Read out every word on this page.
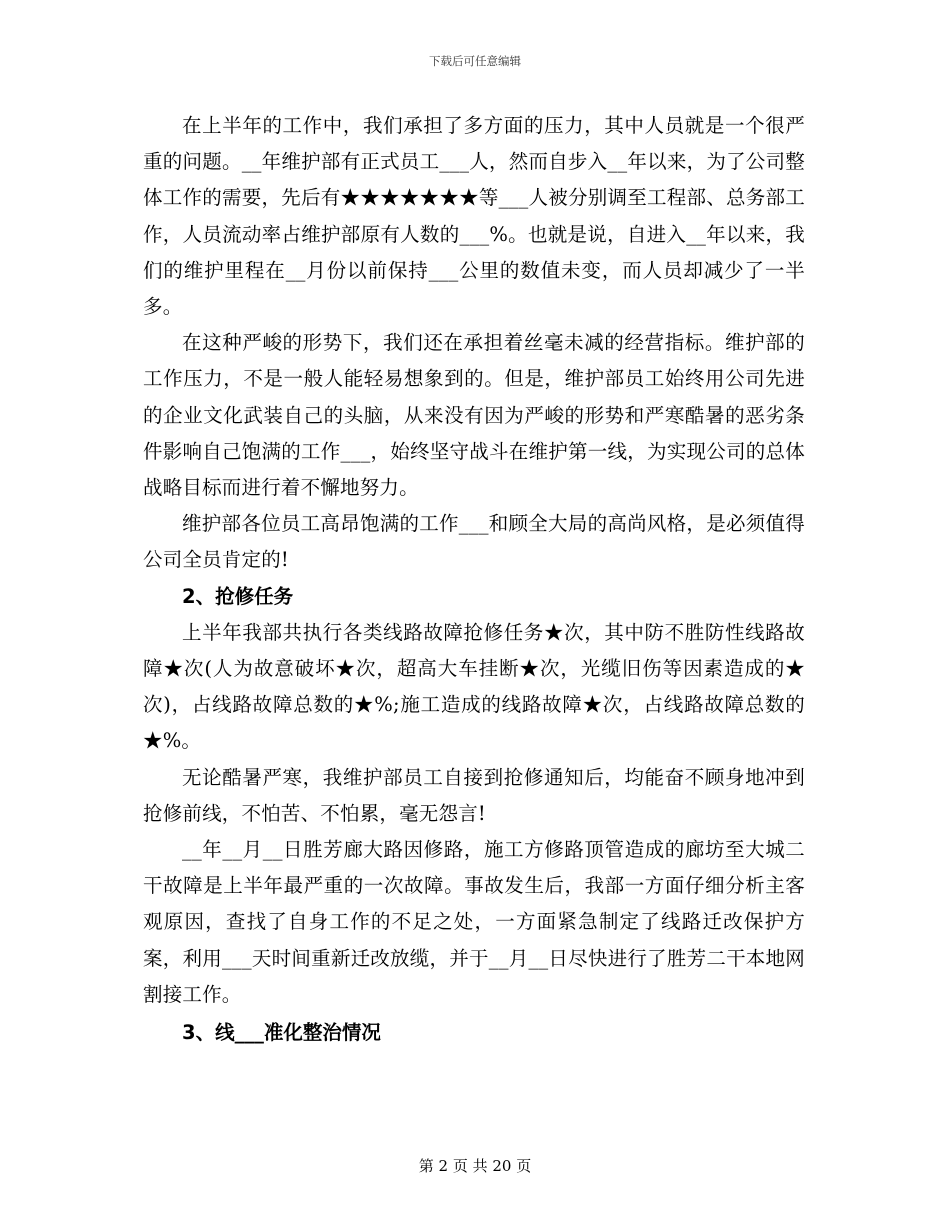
下载后可任意编辑

在上半年的工作中，我们承担了多方面的压力，其中人员就是一个很严重的问题。__年维护部有正式员工___人，然而自步入__年以来，为了公司整体工作的需要，先后有★★★★★★★等___人被分别调至工程部、总务部工作，人员流动率占维护部原有人数的___%。也就是说，自进入__年以来，我们的维护里程在__月份以前保持___公里的数值未变，而人员却减少了一半多。

在这种严峻的形势下，我们还在承担着丝毫未减的经营指标。维护部的工作压力，不是一般人能轻易想象到的。但是，维护部员工始终用公司先进的企业文化武装自己的头脑，从来没有因为严峻的形势和严寒酷暑的恶劣条件影响自己饱满的工作___，始终坚守战斗在维护第一线，为实现公司的总体战略目标而进行着不懈地努力。

维护部各位员工高昂饱满的工作___和顾全大局的高尚风格，是必须值得公司全员肯定的!

2、抢修任务

上半年我部共执行各类线路故障抢修任务★次，其中防不胜防性线路故障★次(人为故意破坏★次，超高大车挂断★次，光缆旧伤等因素造成的★次)，占线路故障总数的★%;施工造成的线路故障★次，占线路故障总数的★%。

无论酷暑严寒，我维护部员工自接到抢修通知后，均能奋不顾身地冲到抢修前线，不怕苦、不怕累，毫无怨言!

__年__月__日胜芳廊大路因修路，施工方修路顶管造成的廊坊至大城二干故障是上半年最严重的一次故障。事故发生后，我部一方面仔细分析主客观原因，查找了自身工作的不足之处，一方面紧急制定了线路迁改保护方案，利用___天时间重新迁改放缆，并于__月__日尽快进行了胜芳二干本地网割接工作。

3、线___准化整治情况

第 2 页 共 20 页
